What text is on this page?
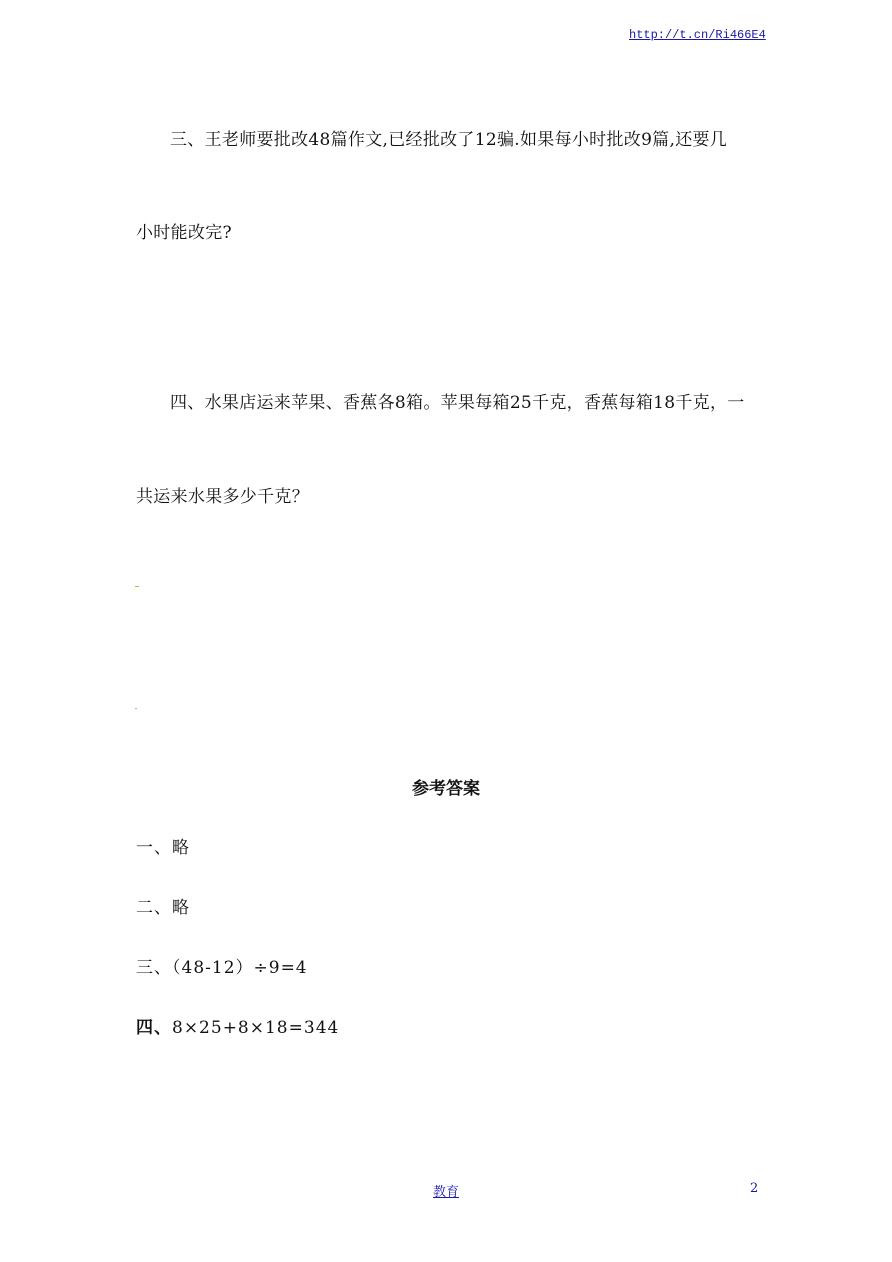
http://t.cn/Ri466E4
三、王老师要批改48篇作文,已经批改了12骗.如果每小时批改9篇,还要几
小时能改完?
四、水果店运来苹果、香蕉各8箱。苹果每箱25千克，香蕉每箱18千克，一
共运来水果多少千克？
参考答案
一、略
二、略
三、（48-12）÷9=4
四、8×25+8×18=344
教育	2
